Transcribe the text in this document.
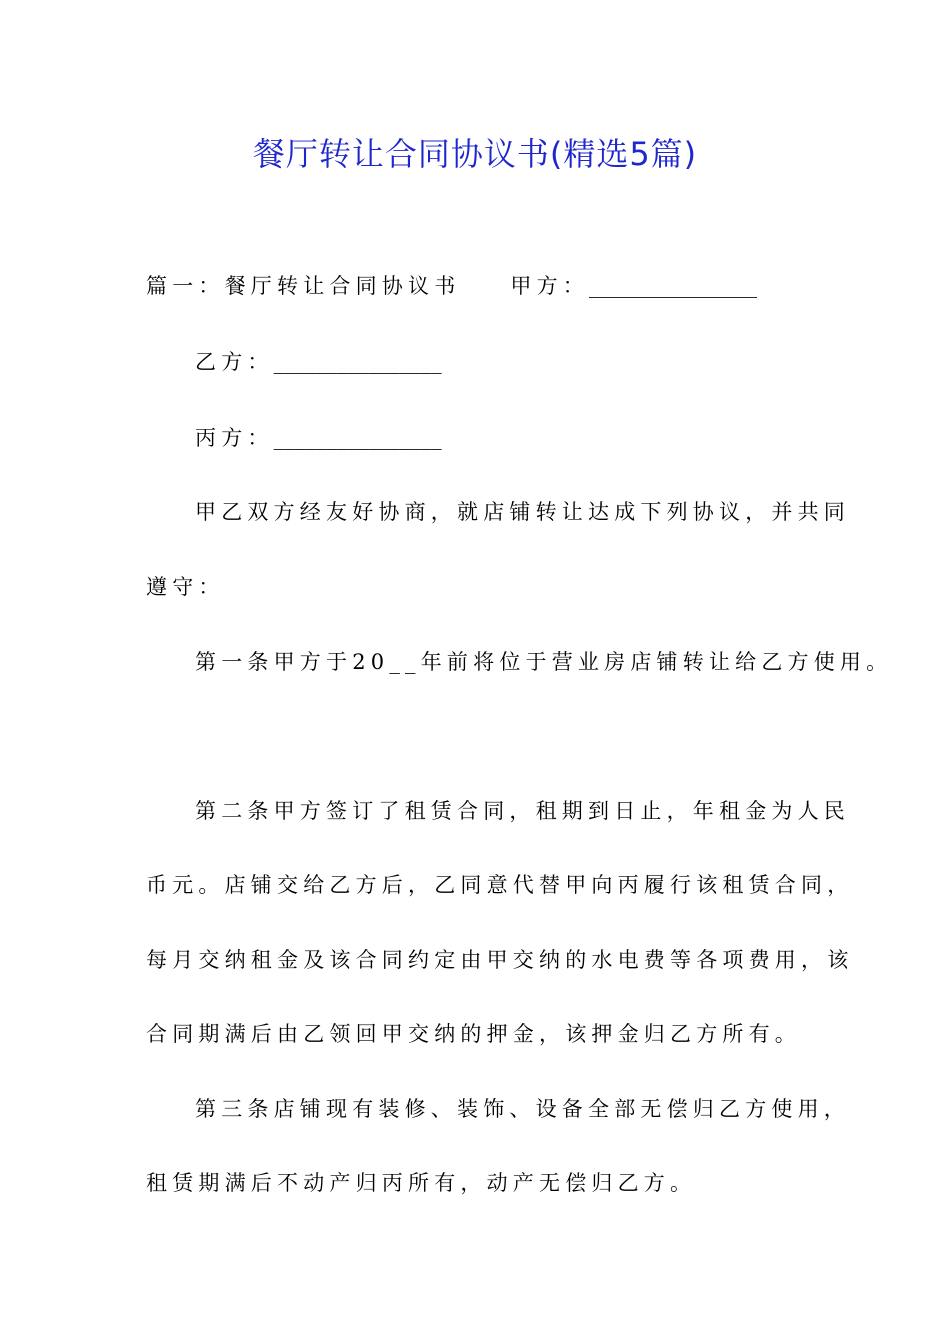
餐厅转让合同协议书(精选5篇)
篇一：餐厅转让合同协议书 甲方：________________
乙方：________________
丙方：________________
甲乙双方经友好协商，就店铺转让达成下列协议，并共同
遵守：
第一条甲方于20__年前将位于营业房店铺转让给乙方使用。
第二条甲方签订了租赁合同，租期到日止，年租金为人民
币元。店铺交给乙方后，乙同意代替甲向丙履行该租赁合同，
每月交纳租金及该合同约定由甲交纳的水电费等各项费用，该
合同期满后由乙领回甲交纳的押金，该押金归乙方所有。
第三条店铺现有装修、装饰、设备全部无偿归乙方使用，
租赁期满后不动产归丙所有，动产无偿归乙方。
